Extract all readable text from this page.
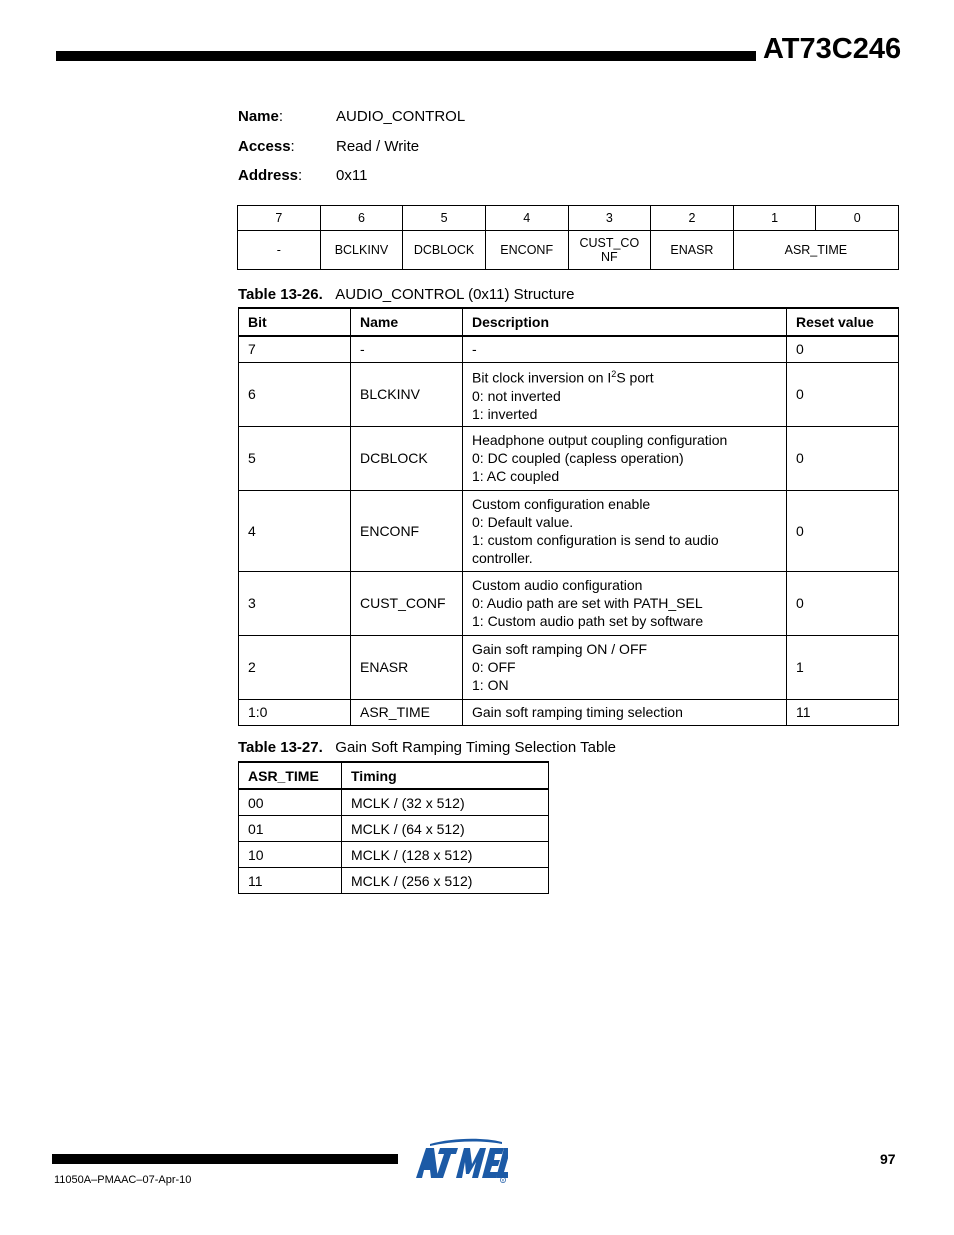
AT73C246
Name:	AUDIO_CONTROL
Access:	Read / Write
Address: 0x11
7	6	5	4	3	2	1	0
-	BCLKINV	DCBLOCK	ENCONF	CUST_CO
NF	ENASR	ASR_TIME	
Table 13-26. AUDIO_CONTROL (0x11) Structure
Bit	Name	Description	Reset value
7	-	-	0
6	BLCKINV	Bit clock inversion on $I^2S$ port
0: not inverted
1: inverted	0
5	DCBLOCK	Headphone output coupling configuration
0: DC coupled (capless operation)
1: AC coupled	0
4	ENCONF	Custom configuration enable
0: Default value.
1: custom configuration is send to audio controller.	0
3	CUST_CONF	Custom audio configuration
0: Audio path are set with PATH_SEL
1: Custom audio path set by software	0
2	ENASR	Gain soft ramping ON / OFF
0: OFF
1: ON	1
1:0	ASR_TIME	Gain soft ramping timing selection	11
Table 13-27. Gain Soft Ramping Timing Selection Table
ASR_TIME	Timing
00	MCLK / (32 x 512)
01	MCLK / (64 x 512)
10	MCLK / (128 x 512)
11	MCLK / (256 x 512)
11050A–PMAAC–07-Apr-10
97
R
